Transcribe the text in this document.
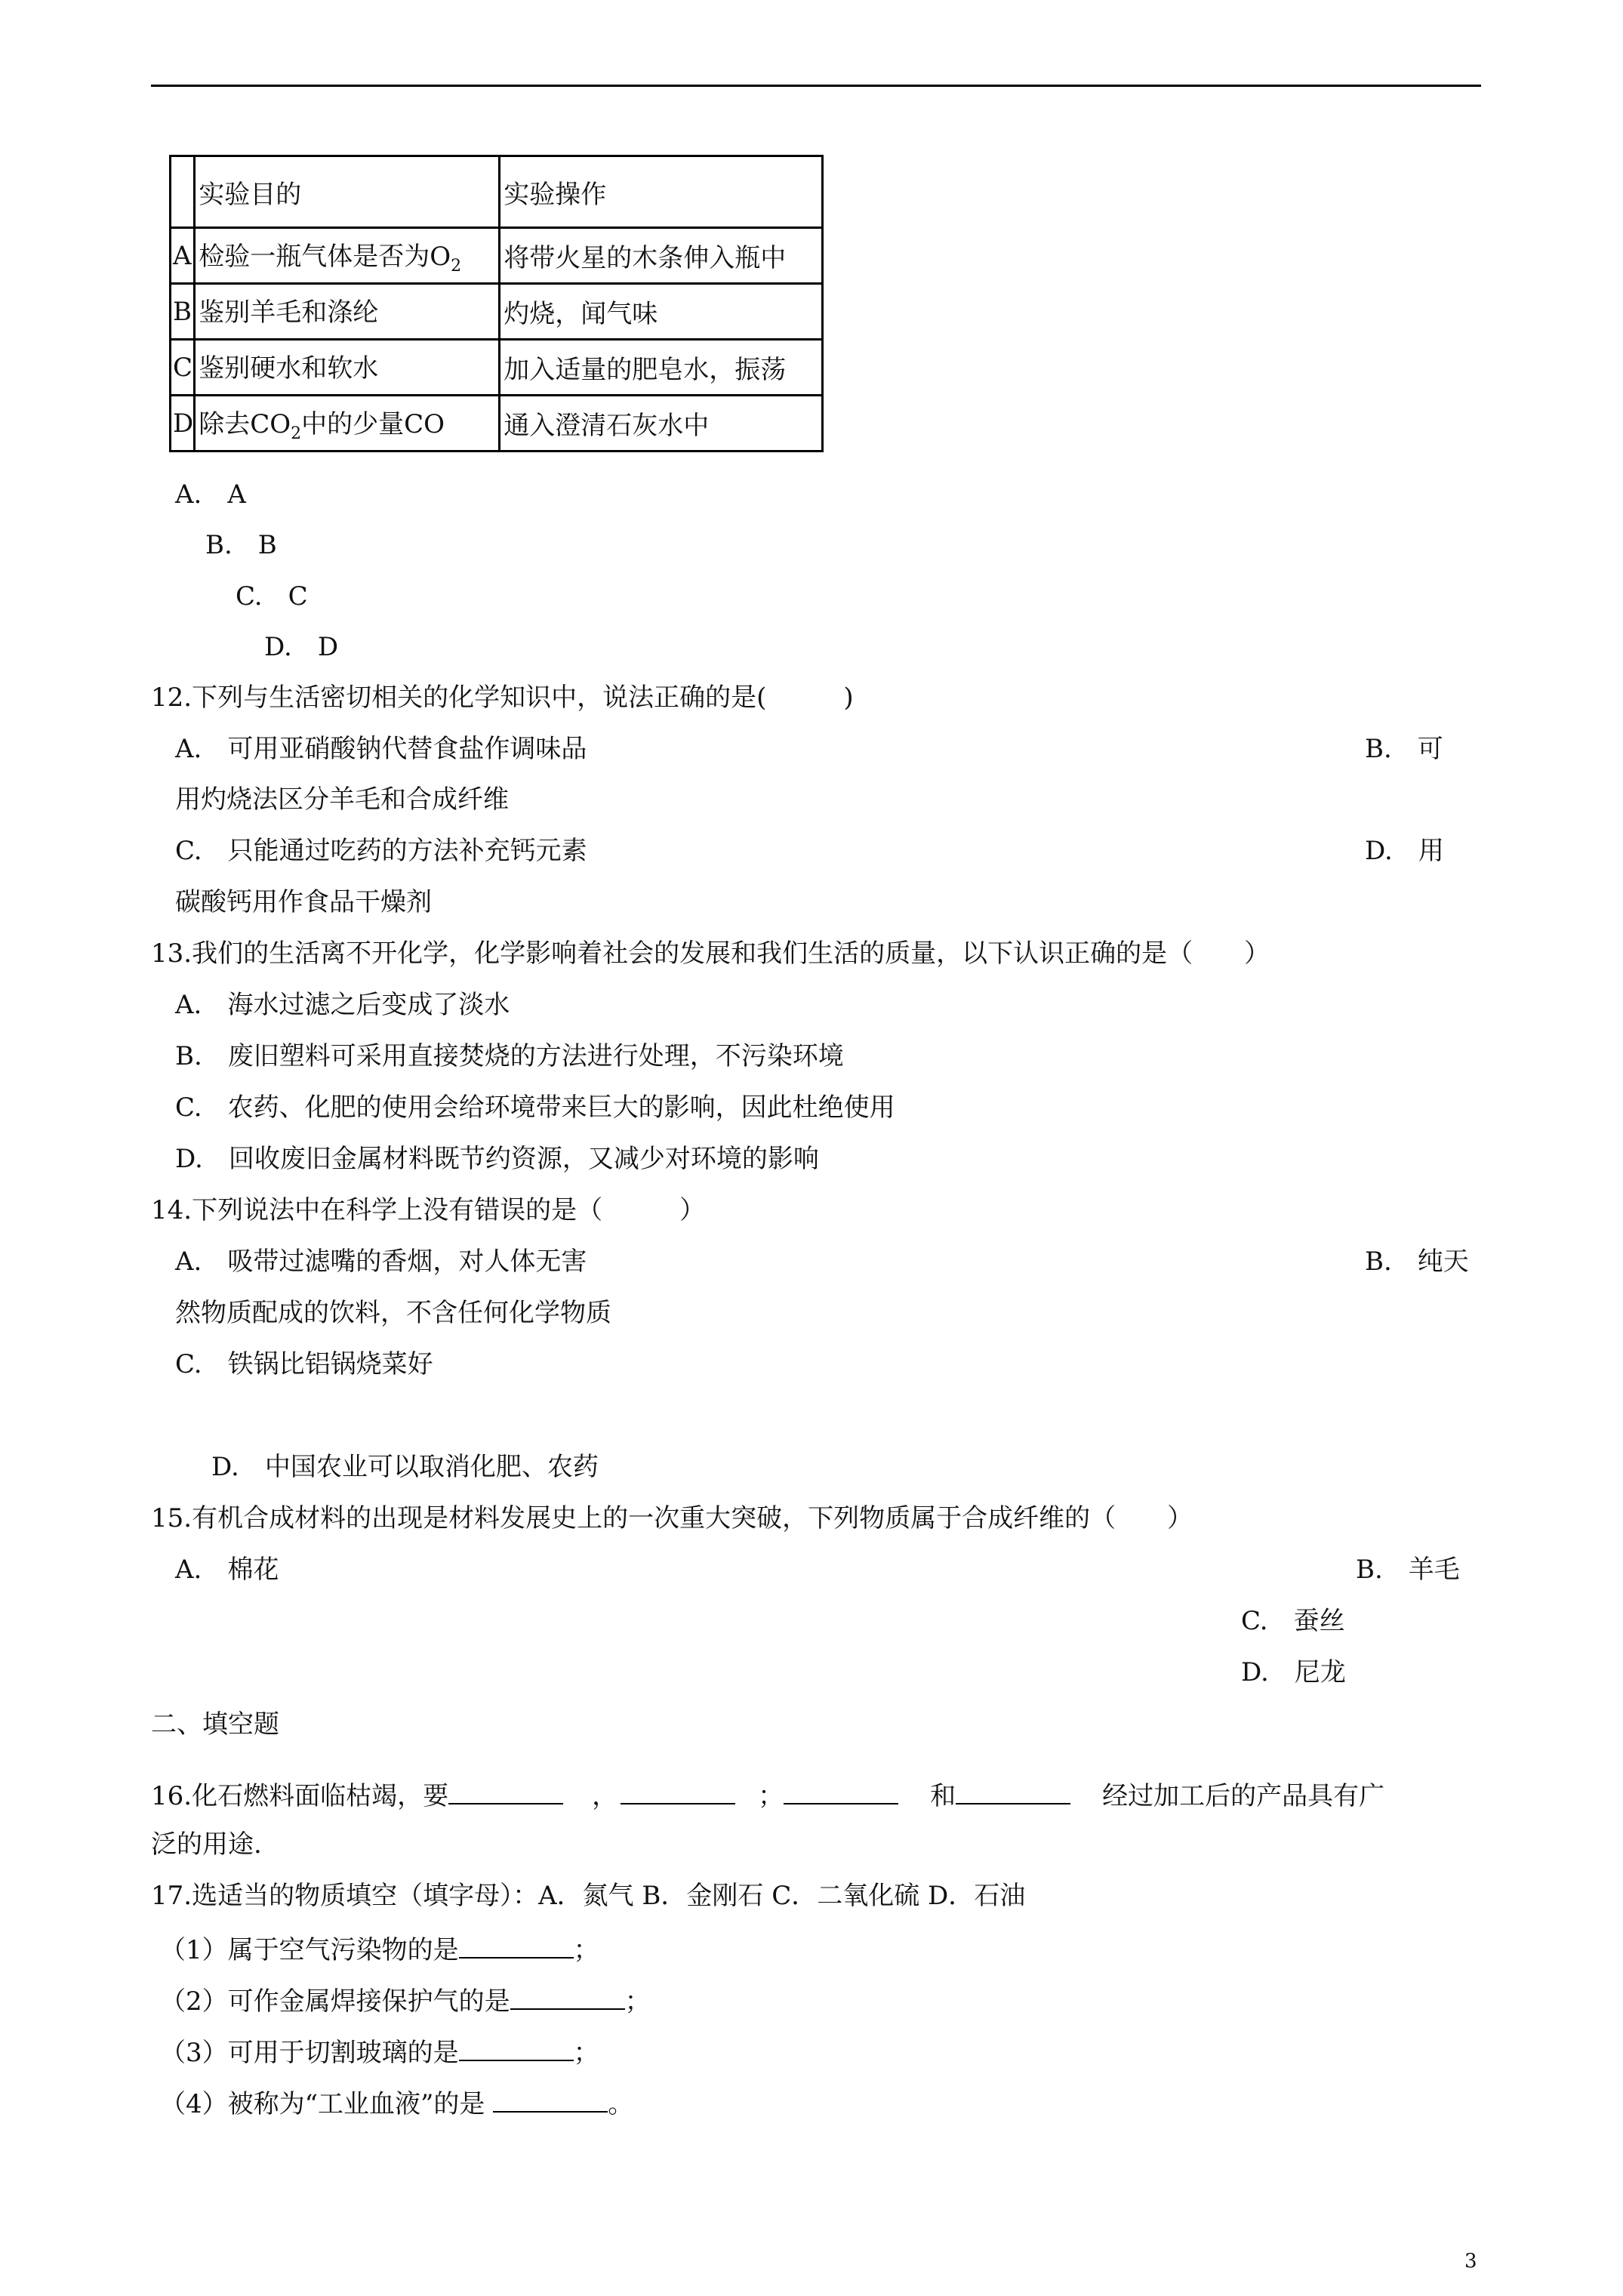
	实验目的	实验操作
A	检验一瓶气体是否为$O_2$	将带火星的木条伸入瓶中
B	鉴别羊毛和涤纶	灼烧，闻气味
C	鉴别硬水和软水	加入适量的肥皂水，振荡
D	除去$CO_2$中的少量CO	通入澄清石灰水中
A.　A
B.　B
C.　C
D.　D
12.下列与生活密切相关的化学知识中，说法正确的是(　　　)
A.　可用亚硝酸钠代替食盐作调味品	B.　可
用灼烧法区分羊毛和合成纤维
C.　只能通过吃药的方法补充钙元素	D.　用
碳酸钙用作食品干燥剂
13.我们的生活离不开化学，化学影响着社会的发展和我们生活的质量，以下认识正确的是（　　）
A.　海水过滤之后变成了淡水
B.　废旧塑料可采用直接焚烧的方法进行处理，不污染环境
C.　农药、化肥的使用会给环境带来巨大的影响，因此杜绝使用
D.　回收废旧金属材料既节约资源，又减少对环境的影响
14.下列说法中在科学上没有错误的是（　　　）
A.　吸带过滤嘴的香烟，对人体无害	B.　纯天
然物质配成的饮料，不含任何化学物质
C.　铁锅比铝锅烧菜好
D.　中国农业可以取消化肥、农药
15.有机合成材料的出现是材料发展史上的一次重大突破，下列物质属于合成纤维的（　　）
A.　棉花	B.　羊毛
C.　蚕丝
D.　尼龙
二、填空题
16.化石燃料面临枯竭，要	，	；	和	经过加工后的产品具有广
泛的用途.
17.选适当的物质填空（填字母）：A．氮气 B．金刚石 C．二氧化硫 D．石油
（1）属于空气污染物的是	；
（2）可作金属焊接保护气的是	；
（3）可用于切割玻璃的是	；
（4）被称为“工业血液”的是	。
3
